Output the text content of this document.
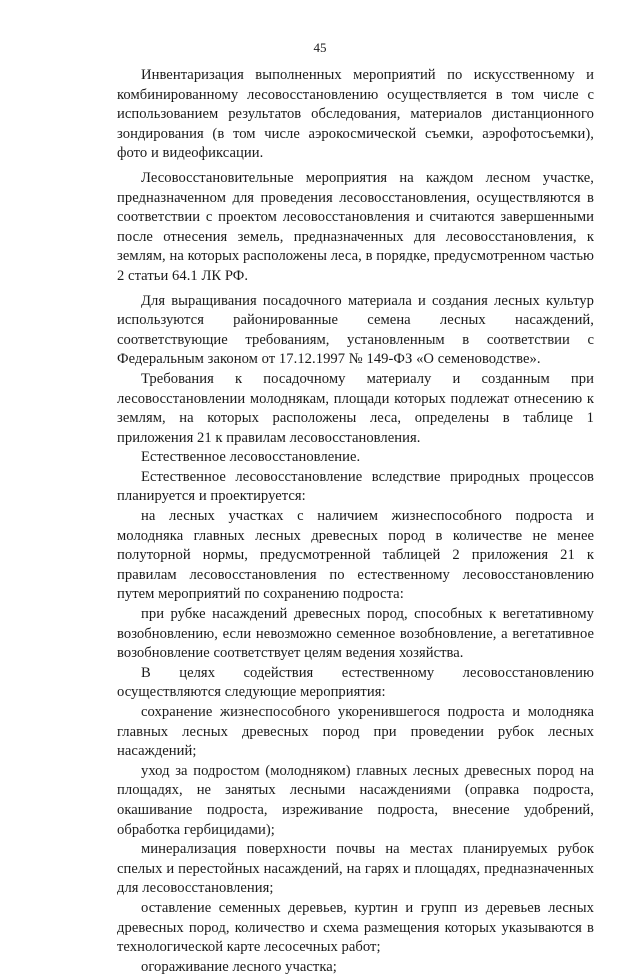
45

Инвентаризация выполненных мероприятий по искусственному и комбинированному лесовосстановлению осуществляется в том числе с использованием результатов обследования, материалов дистанционного зондирования (в том числе аэрокосмической съемки, аэрофотосъемки), фото и видеофиксации.

Лесовосстановительные мероприятия на каждом лесном участке, предназначенном для проведения лесовосстановления, осуществляются в соответствии с проектом лесовосстановления и считаются завершенными после отнесения земель, предназначенных для лесовосстановления, к землям, на которых расположены леса, в порядке, предусмотренном частью 2 статьи 64.1 ЛК РФ.

Для выращивания посадочного материала и создания лесных культур используются районированные семена лесных насаждений, соответствующие требованиям, установленным в соответствии с Федеральным законом от 17.12.1997 № 149-ФЗ «О семеноводстве».

Требования к посадочному материалу и созданным при лесовосстановлении молоднякам, площади которых подлежат отнесению к землям, на которых расположены леса, определены в таблице 1 приложения 21 к правилам лесовосстановления.

Естественное лесовосстановление.

Естественное лесовосстановление вследствие природных процессов планируется и проектируется:

на лесных участках с наличием жизнеспособного подроста и молодняка главных лесных древесных пород в количестве не менее полуторной нормы, предусмотренной таблицей 2 приложения 21 к правилам лесовосстановления по естественному лесовосстановлению путем мероприятий по сохранению подроста:

при рубке насаждений древесных пород, способных к вегетативному возобновлению, если невозможно семенное возобновление, а вегетативное возобновление соответствует целям ведения хозяйства.

В целях содействия естественному лесовосстановлению осуществляются следующие мероприятия:

сохранение жизнеспособного укоренившегося подроста и молодняка главных лесных древесных пород при проведении рубок лесных насаждений;

уход за подростом (молодняком) главных лесных древесных пород на площадях, не занятых лесными насаждениями (оправка подроста, окашивание подроста, изреживание подроста, внесение удобрений, обработка гербицидами);

минерализация поверхности почвы на местах планируемых рубок спелых и перестойных насаждений, на гарях и площадях, предназначенных для лесовосстановления;

оставление семенных деревьев, куртин и групп из деревьев лесных древесных пород, количество и схема размещения которых указываются в технологической карте лесосечных работ;

огораживание лесного участка;
